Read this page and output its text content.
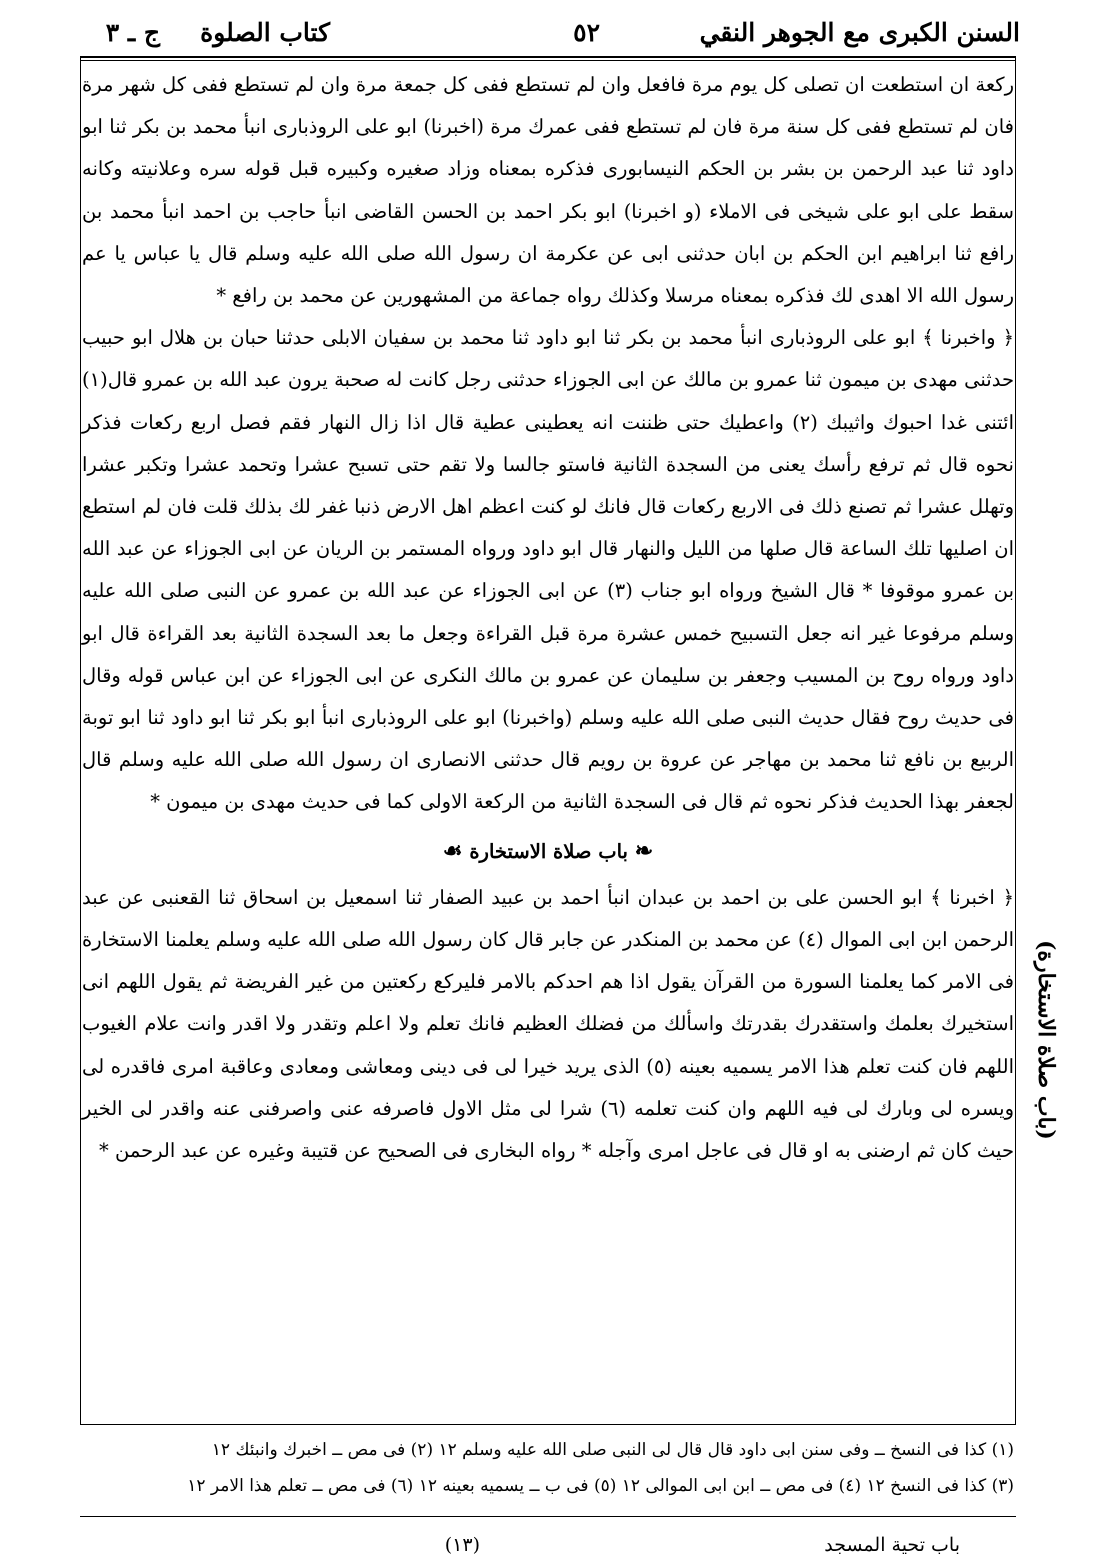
السنن الكبرى مع الجوهر النقي
٥٢
كتاب الصلوة
ج ـ ٣

ركعة ان استطعت ان تصلى كل يوم مرة فافعل وان لم تستطع ففى كل جمعة مرة وان لم تستطع ففى كل شهر مرة فان لم تستطع ففى كل سنة مرة فان لم تستطع ففى عمرك مرة (اخبرنا) ابو على الروذبارى انبأ محمد بن بكر ثنا ابو داود ثنا عبد الرحمن بن بشر بن الحكم النيسابورى فذكره بمعناه وزاد صغيره وكبيره قبل قوله سره وعلانيته وكانه سقط على ابو على شيخى فى الاملاء (و اخبرنا) ابو بكر احمد بن الحسن القاضى انبأ حاجب بن احمد انبأ محمد بن رافع ثنا ابراهيم ابن الحكم بن ابان حدثنى ابى عن عكرمة ان رسول الله صلى الله عليه وسلم قال يا عباس يا عم رسول الله الا اهدى لك فذكره بمعناه مرسلا وكذلك رواه جماعة من المشهورين عن محمد بن رافع *

﴿ واخبرنا ﴾ ابو على الروذبارى انبأ محمد بن بكر ثنا ابو داود ثنا محمد بن سفيان الابلى حدثنا حبان بن هلال ابو حبيب حدثنى مهدى بن ميمون ثنا عمرو بن مالك عن ابى الجوزاء حدثنى رجل كانت له صحبة يرون عبد الله بن عمرو قال(١) ائتنى غدا احبوك واثيبك (٢) واعطيك حتى ظننت انه يعطينى عطية قال اذا زال النهار فقم فصل اربع ركعات فذكر نحوه قال ثم ترفع رأسك يعنى من السجدة الثانية فاستو جالسا ولا تقم حتى تسبح عشرا وتحمد عشرا وتكبر عشرا وتهلل عشرا ثم تصنع ذلك فى الاربع ركعات قال فانك لو كنت اعظم اهل الارض ذنبا غفر لك بذلك قلت فان لم استطع ان اصليها تلك الساعة قال صلها من الليل والنهار قال ابو داود ورواه المستمر بن الريان عن ابى الجوزاء عن عبد الله بن عمرو موقوفا * قال الشيخ ورواه ابو جناب (٣) عن ابى الجوزاء عن عبد الله بن عمرو عن النبى صلى الله عليه وسلم مرفوعا غير انه جعل التسبيح خمس عشرة مرة قبل القراءة وجعل ما بعد السجدة الثانية بعد القراءة قال ابو داود ورواه روح بن المسيب وجعفر بن سليمان عن عمرو بن مالك النكرى عن ابى الجوزاء عن ابن عباس قوله وقال فى حديث روح فقال حديث النبى صلى الله عليه وسلم (واخبرنا) ابو على الروذبارى انبأ ابو بكر ثنا ابو داود ثنا ابو توبة الربيع بن نافع ثنا محمد بن مهاجر عن عروة بن رويم قال حدثنى الانصارى ان رسول الله صلى الله عليه وسلم قال لجعفر بهذا الحديث فذكر نحوه ثم قال فى السجدة الثانية من الركعة الاولى كما فى حديث مهدى بن ميمون *

❧ باب صلاة الاستخارة ☙

﴿ اخبرنا ﴾ ابو الحسن على بن احمد بن عبدان انبأ احمد بن عبيد الصفار ثنا اسمعيل بن اسحاق ثنا القعنبى عن عبد الرحمن ابن ابى الموال (٤) عن محمد بن المنكدر عن جابر قال كان رسول الله صلى الله عليه وسلم يعلمنا الاستخارة فى الامر كما يعلمنا السورة من القرآن يقول اذا هم احدكم بالامر فليركع ركعتين من غير الفريضة ثم يقول اللهم انى استخيرك بعلمك واستقدرك بقدرتك واسألك من فضلك العظيم فانك تعلم ولا اعلم وتقدر ولا اقدر وانت علام الغيوب اللهم فان كنت تعلم هذا الامر يسميه بعينه (٥) الذى يريد خيرا لى فى دينى ومعاشى ومعادى وعاقبة امرى فاقدره لى ويسره لى وبارك لى فيه اللهم وان كنت تعلمه (٦) شرا لى مثل الاول فاصرفه عنى واصرفنى عنه واقدر لى الخير حيث كان ثم ارضنى به او قال فى عاجل امرى وآجله * رواه البخارى فى الصحيح عن قتيبة وغيره عن عبد الرحمن *

(باب صلاة الاستخارة)

(١) كذا فى النسخ ــ وفى سنن ابى داود قال قال لى النبى صلى الله عليه وسلم ١٢ (٢) فى مص ــ اخبرك وانبئك ١٢

(٣) كذا فى النسخ ١٢ (٤) فى مص ــ ابن ابى الموالى ١٢ (٥) فى ب ــ يسميه بعينه ١٢ (٦) فى مص ــ تعلم هذا الامر ١٢

باب تحية المسجد
(١٣)
